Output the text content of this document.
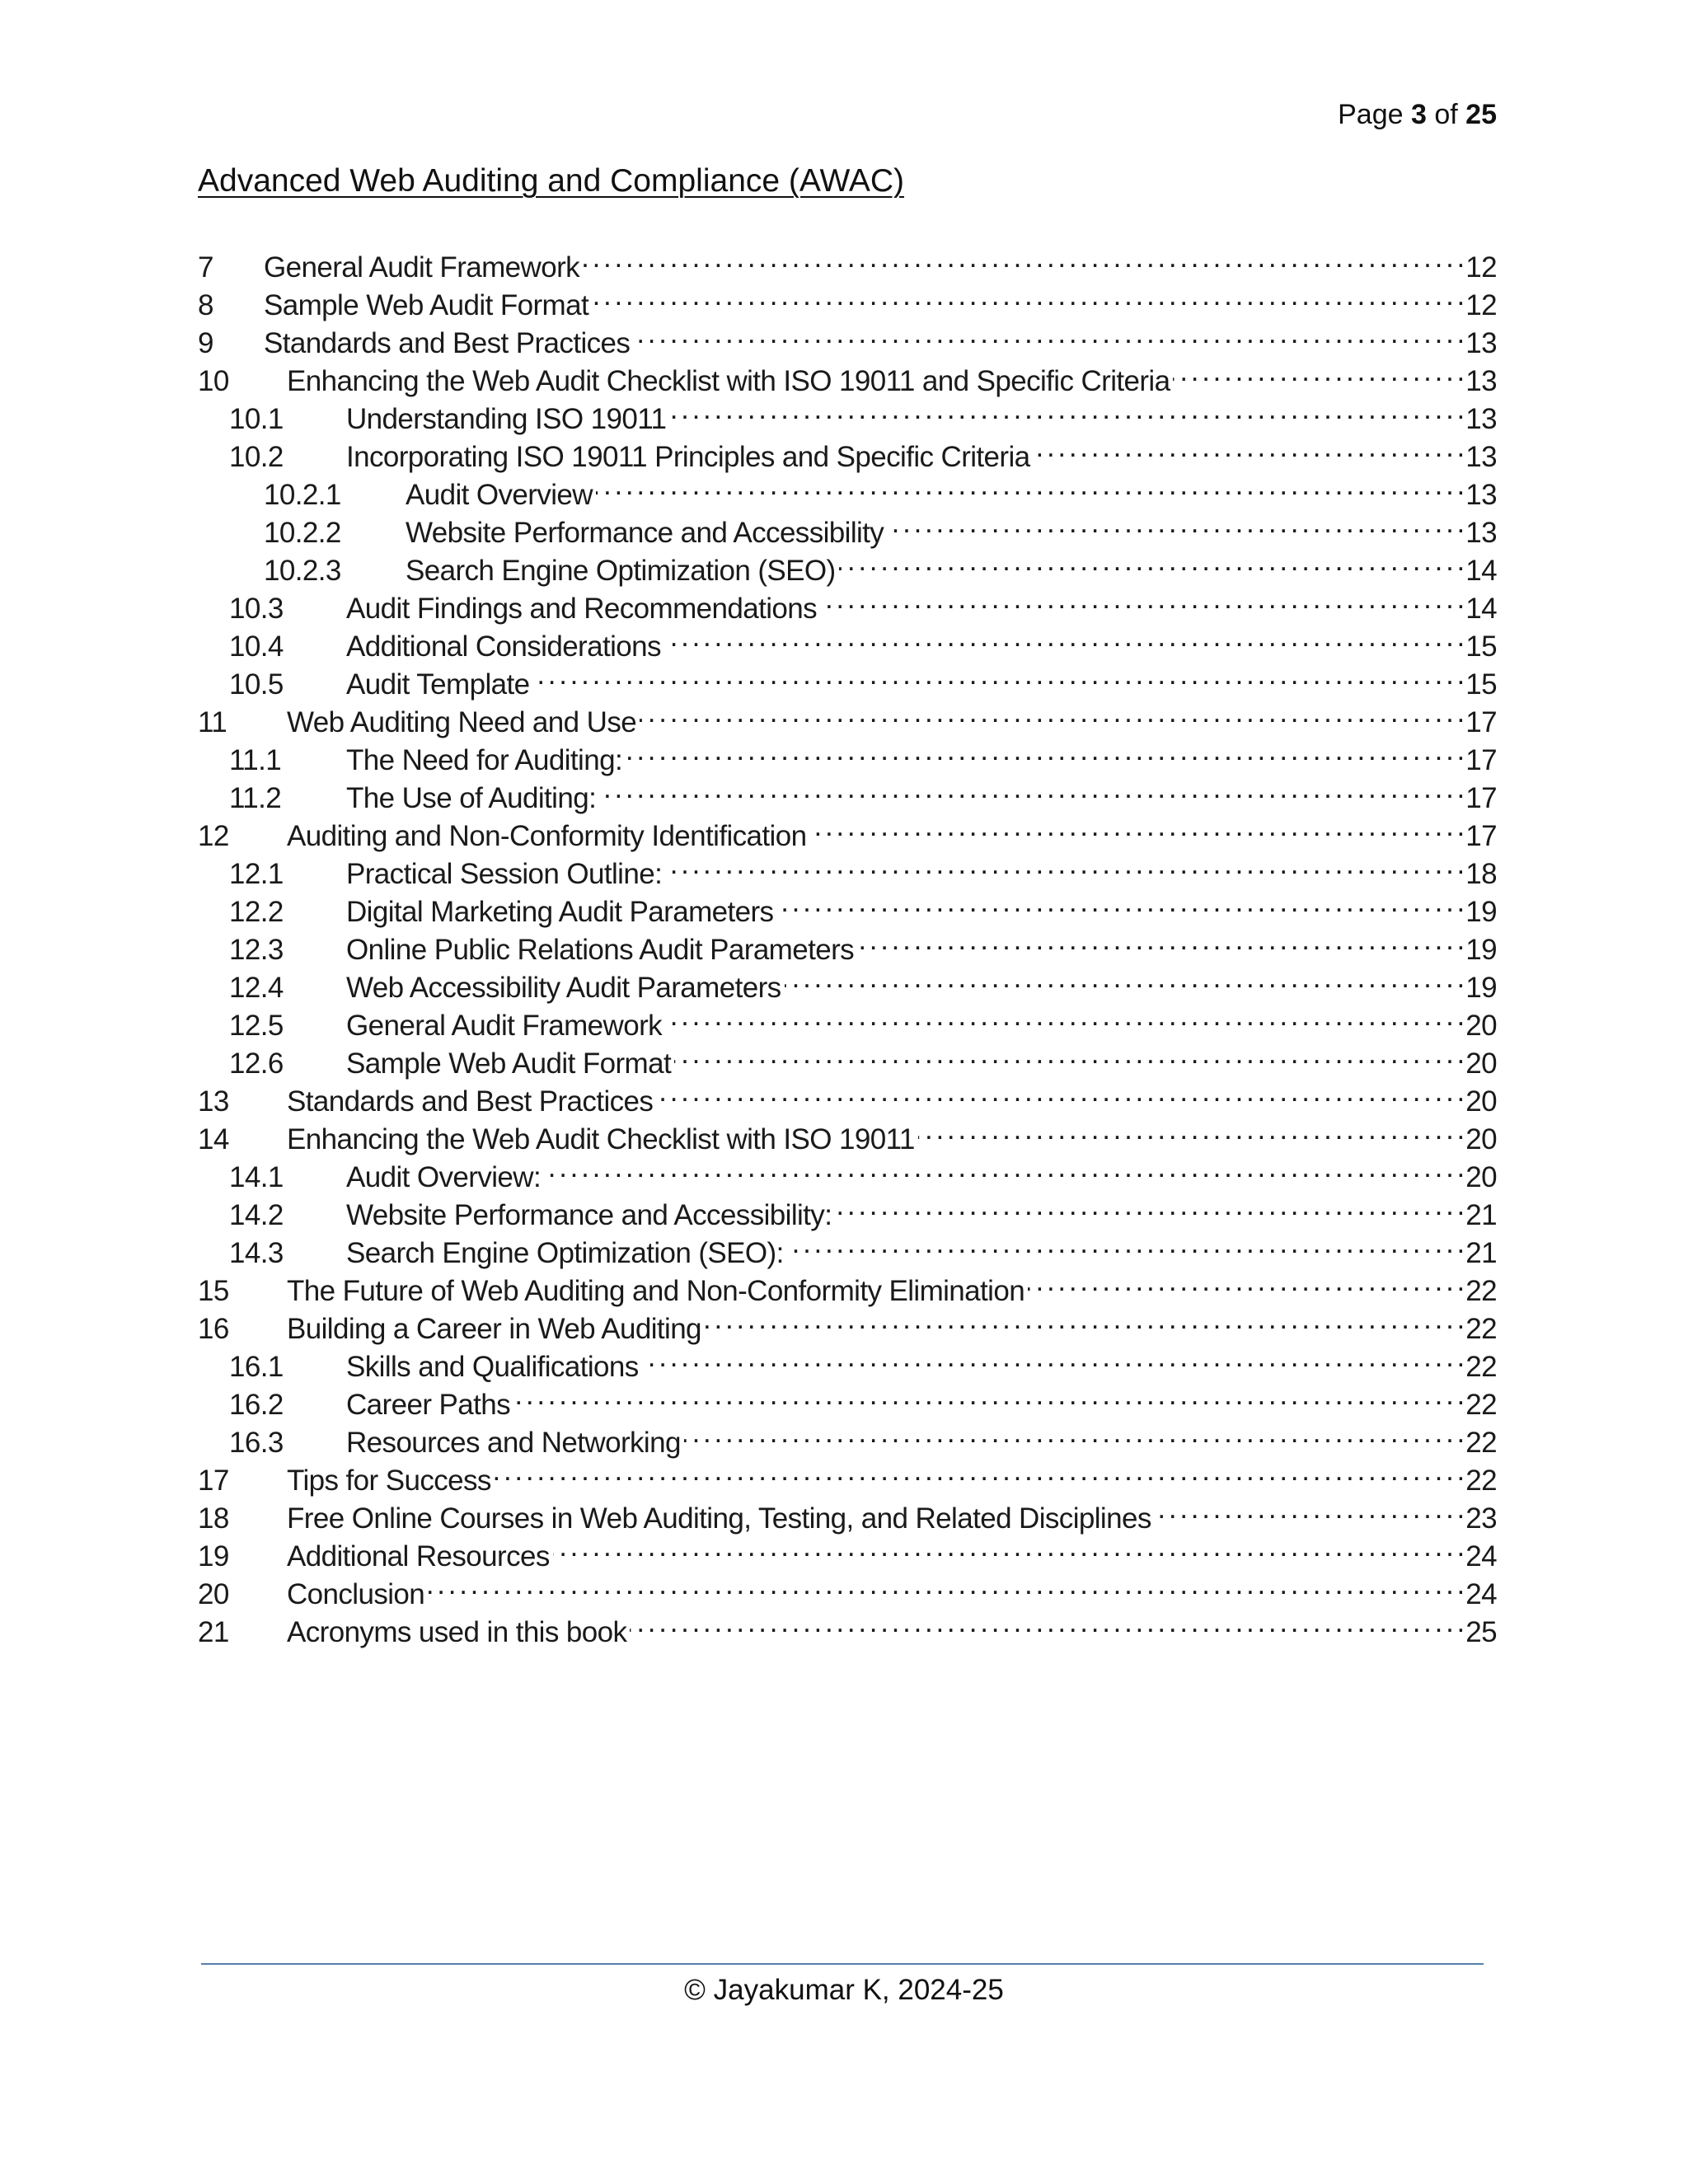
Page 3 of 25
Advanced Web Auditing and Compliance (AWAC)
7	General Audit Framework . . .	12
8	Sample Web Audit Format . . .	12
9	Standards and Best Practices . . .	13
10	Enhancing the Web Audit Checklist with ISO 19011 and Specific Criteria . . .	13
10.1	Understanding ISO 19011 . . .	13
10.2	Incorporating ISO 19011 Principles and Specific Criteria . . .	13
10.2.1	Audit Overview . . .	13
10.2.2	Website Performance and Accessibility . . .	13
10.2.3	Search Engine Optimization (SEO) . . .	14
10.3	Audit Findings and Recommendations . . .	14
10.4	Additional Considerations . . .	15
10.5	Audit Template . . .	15
11	Web Auditing Need and Use . . .	17
11.1	The Need for Auditing: . . .	17
11.2	The Use of Auditing: . . .	17
12	Auditing and Non-Conformity Identification . . .	17
12.1	Practical Session Outline: . . .	18
12.2	Digital Marketing Audit Parameters . . .	19
12.3	Online Public Relations Audit Parameters . . .	19
12.4	Web Accessibility Audit Parameters . . .	19
12.5	General Audit Framework . . .	20
12.6	Sample Web Audit Format . . .	20
13	Standards and Best Practices . . .	20
14	Enhancing the Web Audit Checklist with ISO 19011 . . .	20
14.1	Audit Overview: . . .	20
14.2	Website Performance and Accessibility: . . .	21
14.3	Search Engine Optimization (SEO): . . .	21
15	The Future of Web Auditing and Non-Conformity Elimination . . .	22
16	Building a Career in Web Auditing . . .	22
16.1	Skills and Qualifications . . .	22
16.2	Career Paths . . .	22
16.3	Resources and Networking . . .	22
17	Tips for Success . . .	22
18	Free Online Courses in Web Auditing, Testing, and Related Disciplines . . .	23
19	Additional Resources . . .	24
20	Conclusion . . .	24
21	Acronyms used in this book . . .	25
© Jayakumar K, 2024-25
